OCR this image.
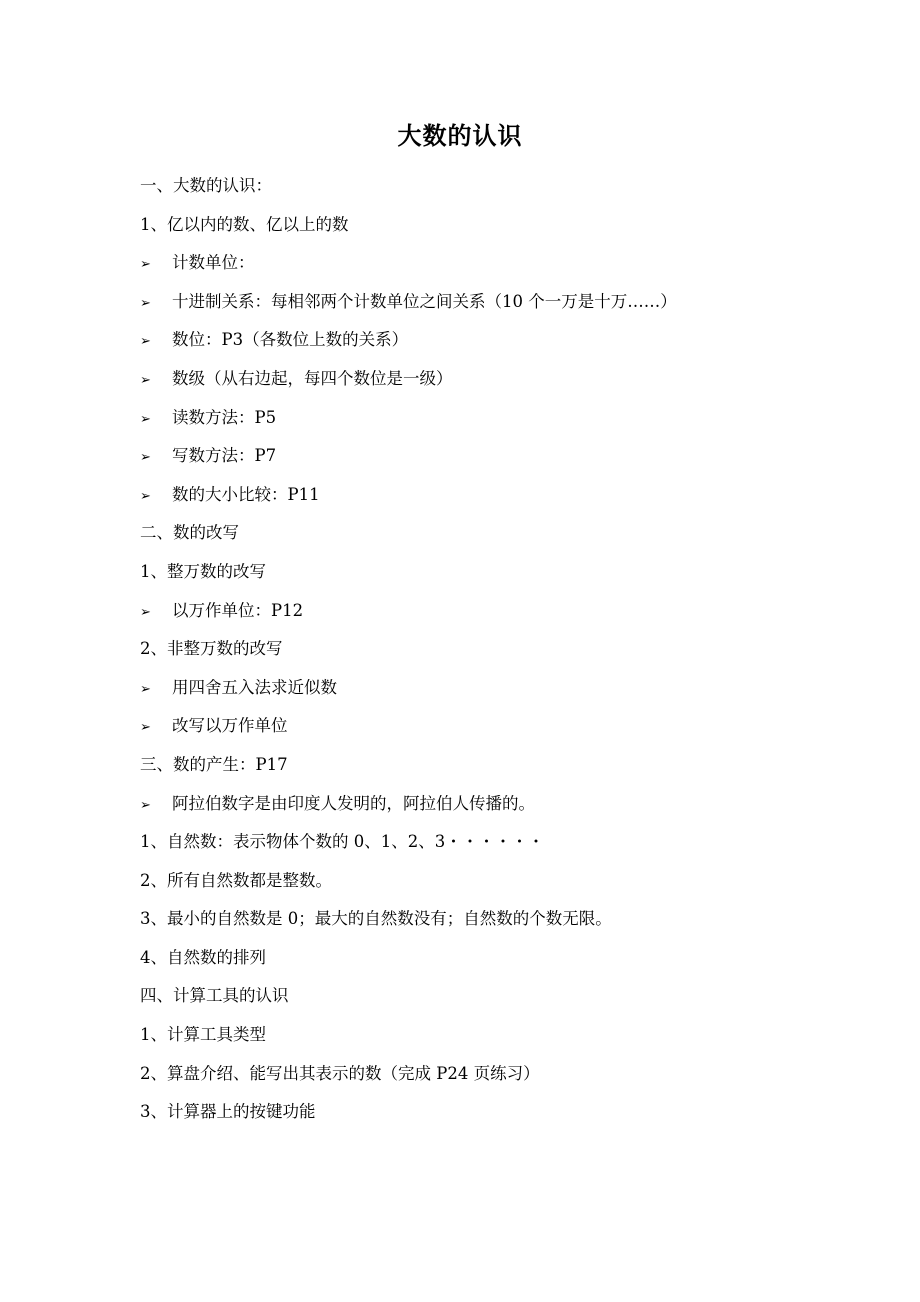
大数的认识
一、大数的认识：
1、亿以内的数、亿以上的数
➢ 计数单位：
➢ 十进制关系：每相邻两个计数单位之间关系（10 个一万是十万……）
➢ 数位：P3（各数位上数的关系）
➢ 数级（从右边起，每四个数位是一级）
➢ 读数方法：P5
➢ 写数方法：P7
➢ 数的大小比较：P11
二、数的改写
1、整万数的改写
➢ 以万作单位：P12
2、非整万数的改写
➢ 用四舍五入法求近似数
➢ 改写以万作单位
三、数的产生：P17
➢ 阿拉伯数字是由印度人发明的，阿拉伯人传播的。
1、自然数：表示物体个数的 0、1、2、3・・・・・・
2、所有自然数都是整数。
3、最小的自然数是 0；最大的自然数没有；自然数的个数无限。
4、自然数的排列
四、计算工具的认识
1、计算工具类型
2、算盘介绍、能写出其表示的数（完成 P24 页练习）
3、计算器上的按键功能
